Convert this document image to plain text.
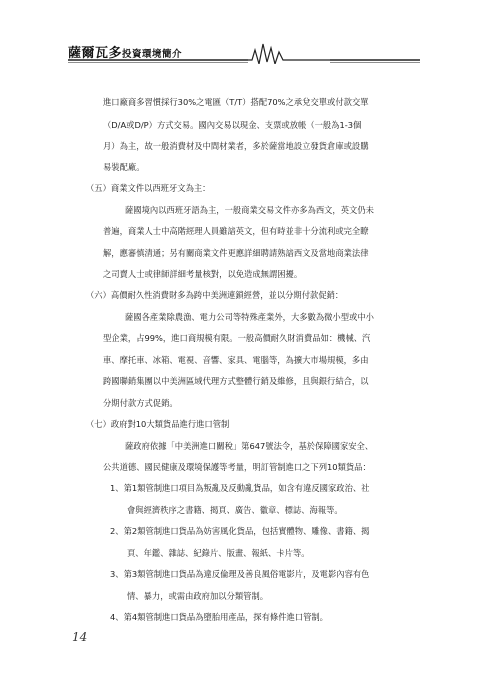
薩爾瓦多投資環境簡介
進口廠商多習慣採行30%之電匯（T/T）搭配70%之承兌交單或付款交單
（D/A或D/P）方式交易。國內交易以現金、支票或放帳（一般為1-3個
月）為主，故一般消費材及中間材業者，多於薩當地設立發貨倉庫或設購
易裝配廠。
（五）商業文件以西班牙文為主：
薩國境內以西班牙語為主，一般商業交易文件亦多為西文，英文仍未
普遍，商業人士中高階經理人員雖諳英文，但有時並非十分流利或完全瞭
解，應審慎清通；另有關商業文件更應詳細聘請熟諳西文及當地商業法律
之司賣人士或律師詳細考量核對，以免造成無謂困擾。
（六）高價耐久性消費財多為跨中美洲連鎖經營，並以分期付款促銷：
薩國各產業除農漁、電力公司等特殊產業外，大多數為微小型或中小
型企業，占99%，進口商規模有限。一般高價耐久財消費品如：機械、汽
車、摩托車、冰箱、電視、音響、家具、電腦等，為擴大市場規模，多由
跨國聯銷集團以中美洲區域代理方式整體行銷及維修，且與銀行結合，以
分期付款方式促銷。
（七）政府對10大類貨品進行進口管制
薩政府依據「中美洲進口關稅」第647號法令，基於保障國家安全、
公共道德、國民健康及環境保護等考量，明訂管制進口之下列10類貨品：
1、第1類管制進口項目為叛亂及反動亂貨品，如含有違反國家政治、社
會與經濟秩序之書籍、揭頁、廣告、徽章、標誌、海報等。
2、第2類管制進口貨品為妨害風化貨品，包括實體物、雕像、書籍、揭
頁、年鑑、雜誌、紀錄片、版畫、報紙、卡片等。
3、第3類管制進口貨品為違反倫理及善良風俗電影片，及電影內容有色
情、暴力，或需由政府加以分類管制。
4、第4類管制進口貨品為墮胎用產品，探有條件進口管制。
14
